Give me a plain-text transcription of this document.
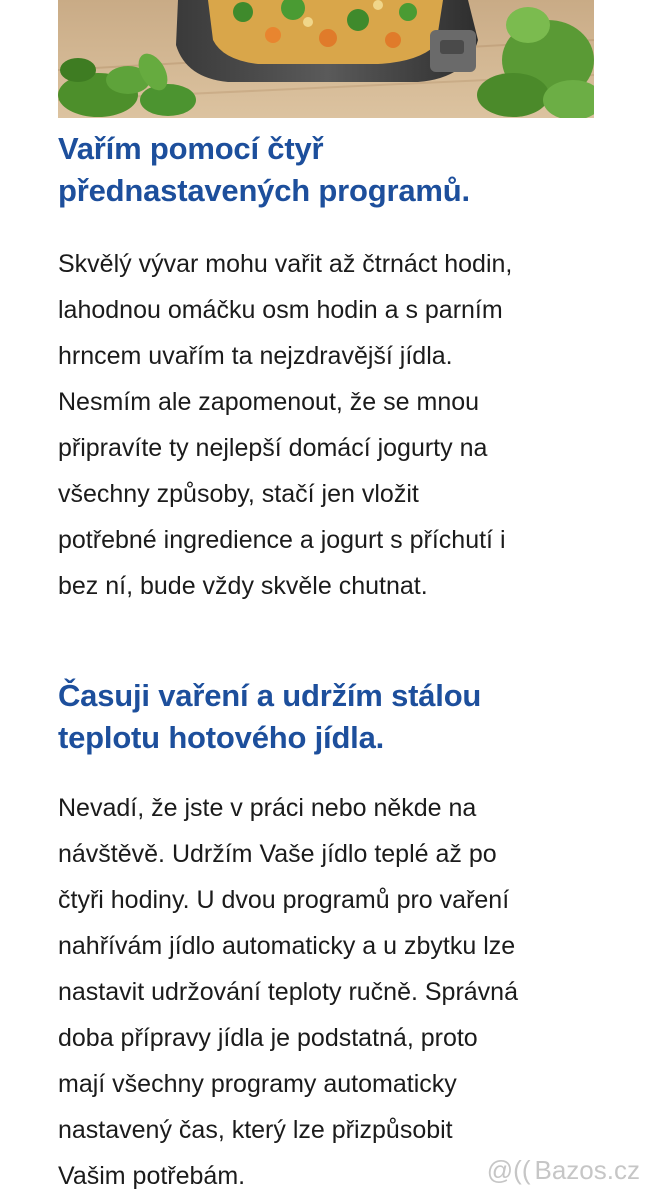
Vařím pomocí čtyř
přednastavených programů.

Skvělý vývar mohu vařit až čtrnáct hodin,
lahodnou omáčku osm hodin a s parním
hrncem uvařím ta nejzdravější jídla.
Nesmím ale zapomenout, že se mnou
připravíte ty nejlepší domácí jogurty na
všechny způsoby, stačí jen vložit
potřebné ingredience a jogurt s příchutí i
bez ní, bude vždy skvěle chutnat.

Časuji vaření a udržím stálou
teplotu hotového jídla.

Nevadí, že jste v práci nebo někde na
návštěvě. Udržím Vaše jídlo teplé až po
čtyři hodiny. U dvou programů pro vaření
nahřívám jídlo automaticky a u zbytku lze
nastavit udržování teploty ručně. Správná
doba přípravy jídla je podstatná, proto
mají všechny programy automaticky
nastavený čas, který lze přizpůsobit
Vašim potřebám.	@(( Bazos.cz
